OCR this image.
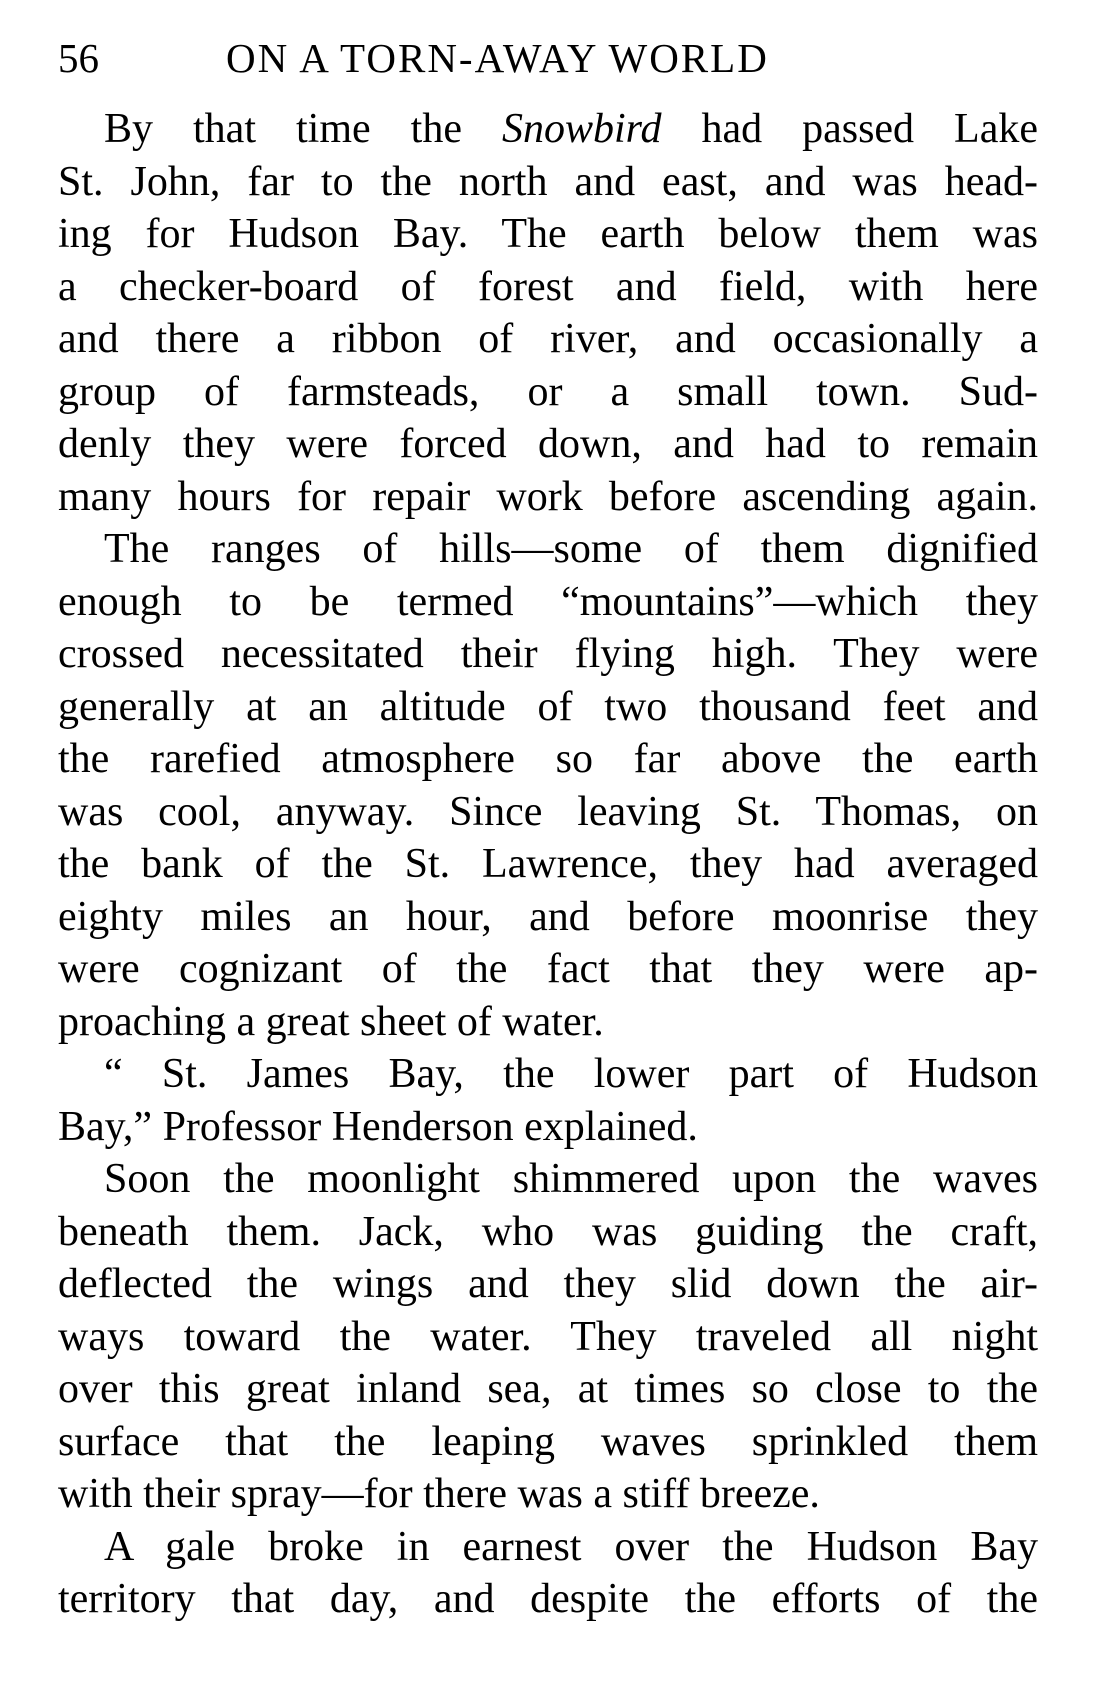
56	ON A TORN-AWAY WORLD

By that time the Snowbird had passed Lake
St. John, far to the north and east, and was head-
ing for Hudson Bay. The earth below them was
a checker-board of forest and field, with here
and there a ribbon of river, and occasionally a
group of farmsteads, or a small town. Sud-
denly they were forced down, and had to remain
many hours for repair work before ascending again.

The ranges of hills—some of them dignified
enough to be termed “mountains”—which they
crossed necessitated their flying high. They were
generally at an altitude of two thousand feet and
the rarefied atmosphere so far above the earth
was cool, anyway. Since leaving St. Thomas, on
the bank of the St. Lawrence, they had averaged
eighty miles an hour, and before moonrise they
were cognizant of the fact that they were ap-
proaching a great sheet of water.

“ St. James Bay, the lower part of Hudson
Bay,” Professor Henderson explained.

Soon the moonlight shimmered upon the waves
beneath them. Jack, who was guiding the craft,
deflected the wings and they slid down the air-
ways toward the water. They traveled all night
over this great inland sea, at times so close to the
surface that the leaping waves sprinkled them
with their spray—for there was a stiff breeze.

A gale broke in earnest over the Hudson Bay
territory that day, and despite the efforts of the
